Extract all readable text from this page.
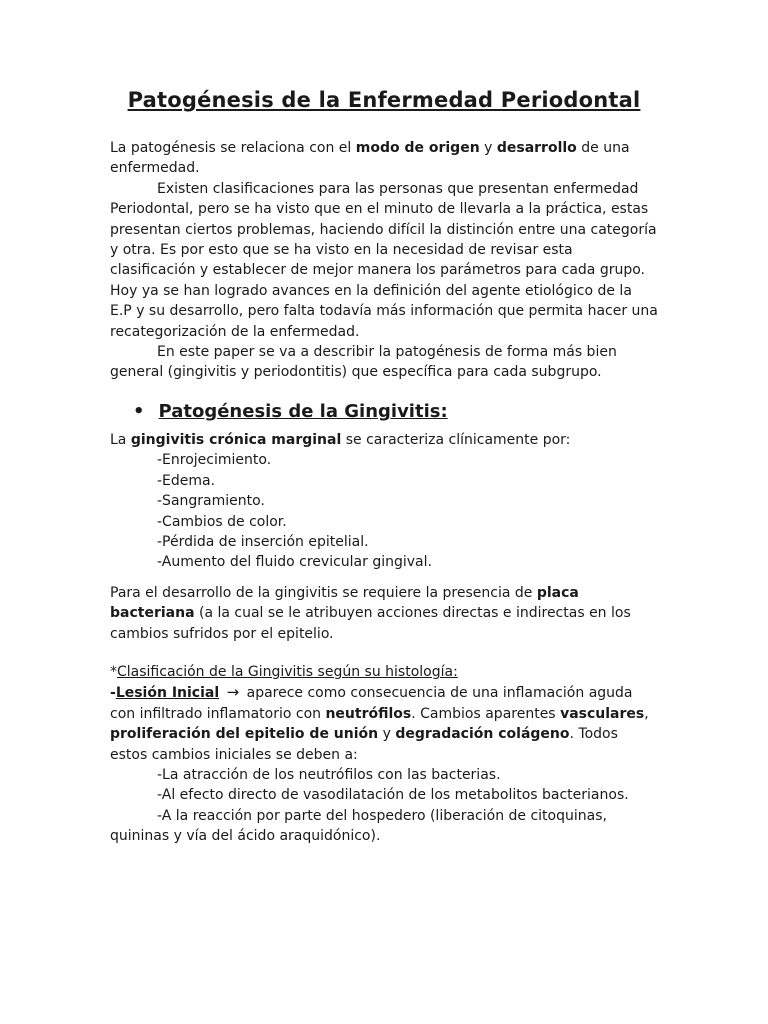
Patogénesis de la Enfermedad Periodontal

La patogénesis se relaciona con el modo de origen y desarrollo de una enfermedad.

Existen clasificaciones para las personas que presentan enfermedad Periodontal, pero se ha visto que en el minuto de llevarla a la práctica, estas presentan ciertos problemas, haciendo difícil la distinción entre una categoría y otra. Es por esto que se ha visto en la necesidad de revisar esta clasificación y establecer de mejor manera los parámetros para cada grupo. Hoy ya se han logrado avances en la definición del agente etiológico de la E.P y su desarrollo, pero falta todavía más información que permita hacer una recategorización de la enfermedad.

En este paper se va a describir la patogénesis de forma más bien general (gingivitis y periodontitis) que específica para cada subgrupo.

• Patogénesis de la Gingivitis:

La gingivitis crónica marginal se caracteriza clínicamente por:

-Enrojecimiento.
-Edema.
-Sangramiento.
-Cambios de color.
-Pérdida de inserción epitelial.
-Aumento del fluido crevicular gingival.

Para el desarrollo de la gingivitis se requiere la presencia de placa bacteriana (a la cual se le atribuyen acciones directas e indirectas en los cambios sufridos por el epitelio.

*Clasificación de la Gingivitis según su histología:

-Lesión Inicial → aparece como consecuencia de una inflamación aguda con infiltrado inflamatorio con neutrófilos. Cambios aparentes vasculares, proliferación del epitelio de unión y degradación colágeno. Todos estos cambios iniciales se deben a:

-La atracción de los neutrófilos con las bacterias.
-Al efecto directo de vasodilatación de los metabolitos bacterianos.

-A la reacción por parte del hospedero (liberación de citoquinas, quininas y vía del ácido araquidónico).
